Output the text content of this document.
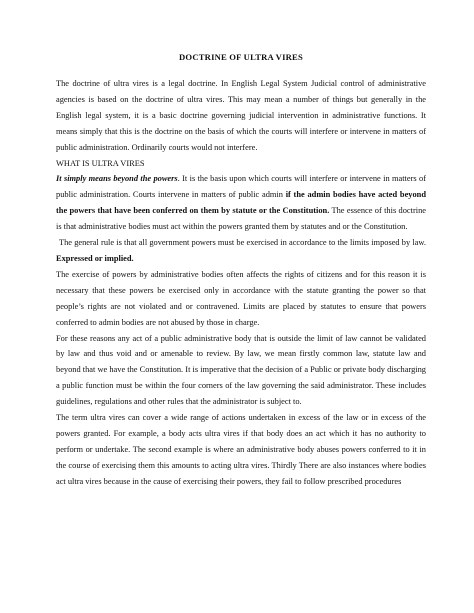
DOCTRINE OF ULTRA VIRES

The doctrine of ultra vires is a legal doctrine. In English Legal System Judicial control of administrative agencies is based on the doctrine of ultra vires. This may mean a number of things but generally in the English legal system, it is a basic doctrine governing judicial intervention in administrative functions. It means simply that this is the doctrine on the basis of which the courts will interfere or intervene in matters of public administration. Ordinarily courts would not interfere.

WHAT IS ULTRA VIRES

It simply means beyond the powers. It is the basis upon which courts will interfere or intervene in matters of public administration. Courts intervene in matters of public admin if the admin bodies have acted beyond the powers that have been conferred on them by statute or the Constitution. The essence of this doctrine is that administrative bodies must act within the powers granted them by statutes and or the Constitution.

The general rule is that all government powers must be exercised in accordance to the limits imposed by law. Expressed or implied.

The exercise of powers by administrative bodies often affects the rights of citizens and for this reason it is necessary that these powers be exercised only in accordance with the statute granting the power so that people’s rights are not violated and or contravened. Limits are placed by statutes to ensure that powers conferred to admin bodies are not abused by those in charge.

For these reasons any act of a public administrative body that is outside the limit of law cannot be validated by law and thus void and or amenable to review. By law, we mean firstly common law, statute law and beyond that we have the Constitution. It is imperative that the decision of a Public or private body discharging a public function must be within the four corners of the law governing the said administrator. These includes guidelines, regulations and other rules that the administrator is subject to.

The term ultra vires can cover a wide range of actions undertaken in excess of the law or in excess of the powers granted. For example, a body acts ultra vires if that body does an act which it has no authority to perform or undertake. The second example is where an administrative body abuses powers conferred to it in the course of exercising them this amounts to acting ultra vires. Thirdly There are also instances where bodies act ultra vires because in the cause of exercising their powers, they fail to follow prescribed procedures
